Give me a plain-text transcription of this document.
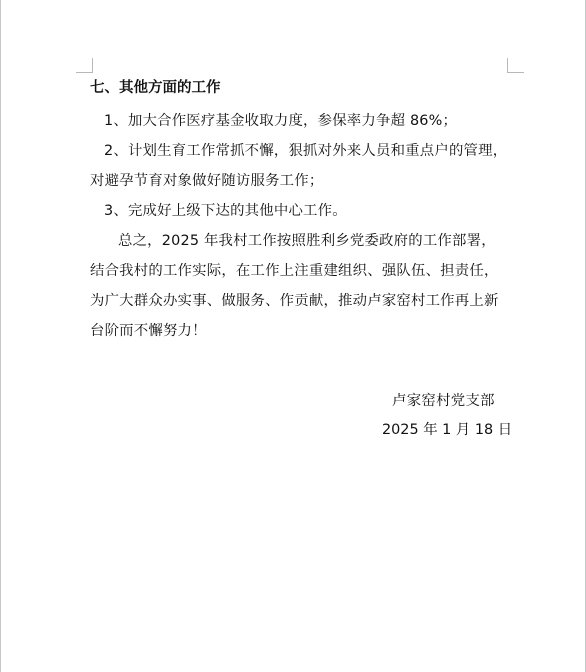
七、其他方面的工作

1、加大合作医疗基金收取力度，参保率力争超 86%；

2、计划生育工作常抓不懈，狠抓对外来人员和重点户的管理，

对避孕节育对象做好随访服务工作；

3、完成好上级下达的其他中心工作。

总之，2025 年我村工作按照胜利乡党委政府的工作部署，

结合我村的工作实际，在工作上注重建组织、强队伍、担责任，

为广大群众办实事、做服务、作贡献，推动卢家窑村工作再上新

台阶而不懈努力！

卢家窑村党支部
2025 年 1 月 18 日
